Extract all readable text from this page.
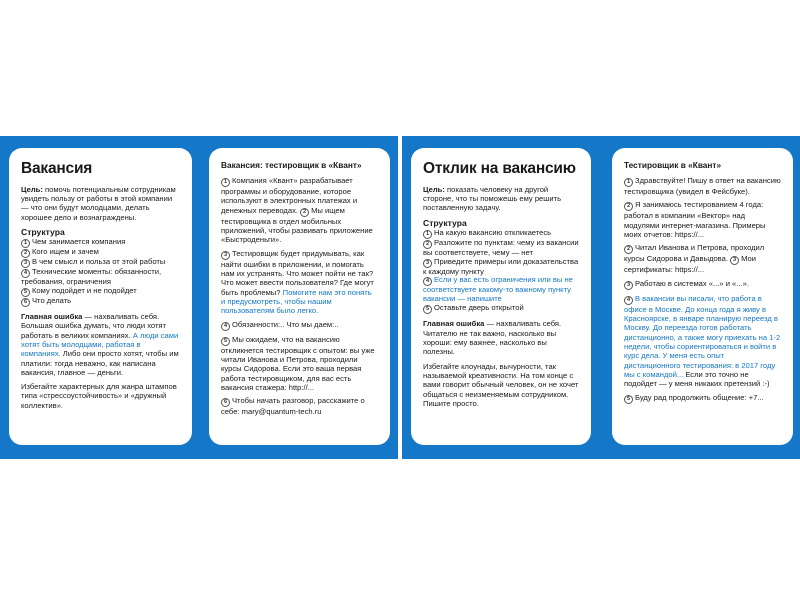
Вакансия

Цель: помочь потенциальным сотрудникам увидеть пользу от работы в этой компании — что они будут молодцами, делать хорошее дело и вознаграждены.

Структура
1 Чем занимается компания
2 Кого ищем и зачем
3 В чем смысл и польза от этой работы
4 Технические моменты: обязанности, требования, ограничения
5 Кому подойдет и не подойдет
6 Что делать

Главная ошибка — нахваливать себя. Большая ошибка думать, что люди хотят работать в великих компаниях. А люди сами хотят быть молодцами, работая в компаниях. Либо они просто хотят, чтобы им платили: тогда неважно, как написана вакансия, главное — деньги.

Избегайте характерных для жанра штампов типа «стрессоустойчивость» и «дружный коллектив».

Вакансия: тестировщик в «Квант»

1 Компания «Квант» разрабатывает программы и оборудование, которое используют в электронных платежах и денежных переводах. 2 Мы ищем тестировщика в отдел мобильных приложений, чтобы развивать приложение «Быстроденьги».

3 Тестировщик будет придумывать, как найти ошибки в приложении, и помогать нам их устранять. Что может пойти не так? Что может ввести пользователя? Где могут быть проблемы? Помогите нам это понять и предусмотреть, чтобы нашим пользователям было легко.

4 Обязанности:.. Что мы даем:..

5 Мы ожидаем, что на вакансию откликнется тестировщик с опытом: вы уже читали Иванова и Петрова, проходили курсы Сидорова. Если это ваша первая работа тестировщиком, для вас есть вакансия стажера: http://...

6 Чтобы начать разговор, расскажите о себе: mary@quantum-tech.ru

Отклик на вакансию

Цель: показать человеку на другой стороне, что ты поможешь ему решить поставленную задачу.

Структура
1 На какую вакансию откликаетесь
2 Разложите по пунктам: чему из вакансии вы соответствуете, чему — нет
3 Приведите примеры или доказательства к каждому пункту
4 Если у вас есть ограничения или вы не соответствуете какому-то важному пункту вакансии — напишите
5 Оставьте дверь открытой

Главная ошибка — нахваливать себя. Читателю не так важно, насколько вы хороши: ему важнее, насколько вы полезны.

Избегайте клоунады, вычурности, так называемой креативности. На том конце с вами говорит обычный человек, он не хочет общаться с неизменяемым сотрудником. Пишите просто.

Тестировщик в «Квант»

1 Здравствуйте! Пишу в ответ на вакансию тестировщика (увидел в Фейсбуке).

2 Я занимаюсь тестированием 4 года: работал в компании «Вектор» над модулями интернет-магазина. Примеры моих отчетов: https://...

2 Читал Иванова и Петрова, проходил курсы Сидорова и Давыдова. 3 Мои сертификаты: https://...

3 Работаю в системах «...» и «...».

4 В вакансии вы писали, что работа в офисе в Москве. До конца года я живу в Красноярске, в январе планирую переезд в Москву. До переезда готов работать дистанционно, а также могу приехать на 1-2 недели, чтобы сориентироваться и войти в курс дела. У меня есть опыт дистанционного тестирования: в 2017 году мы с командой... Если это точно не подойдет — у меня никаких претензий :-)

5 Буду рад продолжить общение: +7...
